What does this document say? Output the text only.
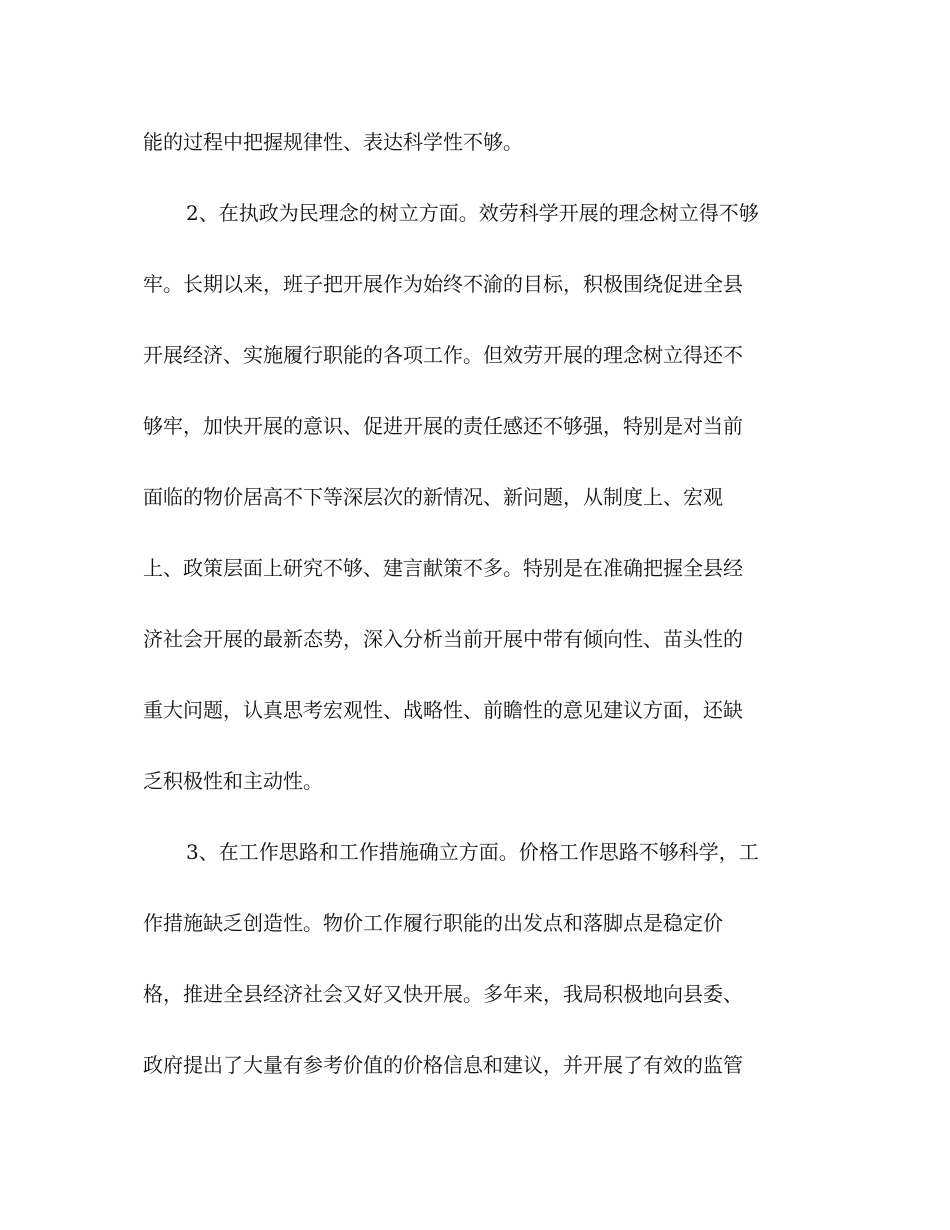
能的过程中把握规律性、表达科学性不够。

2、在执政为民理念的树立方面。效劳科学开展的理念树立得不够

牢。长期以来，班子把开展作为始终不渝的目标，积极围绕促进全县

开展经济、实施履行职能的各项工作。但效劳开展的理念树立得还不

够牢，加快开展的意识、促进开展的责任感还不够强，特别是对当前

面临的物价居高不下等深层次的新情况、新问题，从制度上、宏观

上、政策层面上研究不够、建言献策不多。特别是在准确把握全县经

济社会开展的最新态势，深入分析当前开展中带有倾向性、苗头性的

重大问题，认真思考宏观性、战略性、前瞻性的意见建议方面，还缺

乏积极性和主动性。

3、在工作思路和工作措施确立方面。价格工作思路不够科学，工

作措施缺乏创造性。物价工作履行职能的出发点和落脚点是稳定价

格，推进全县经济社会又好又快开展。多年来，我局积极地向县委、

政府提出了大量有参考价值的价格信息和建议，并开展了有效的监管
